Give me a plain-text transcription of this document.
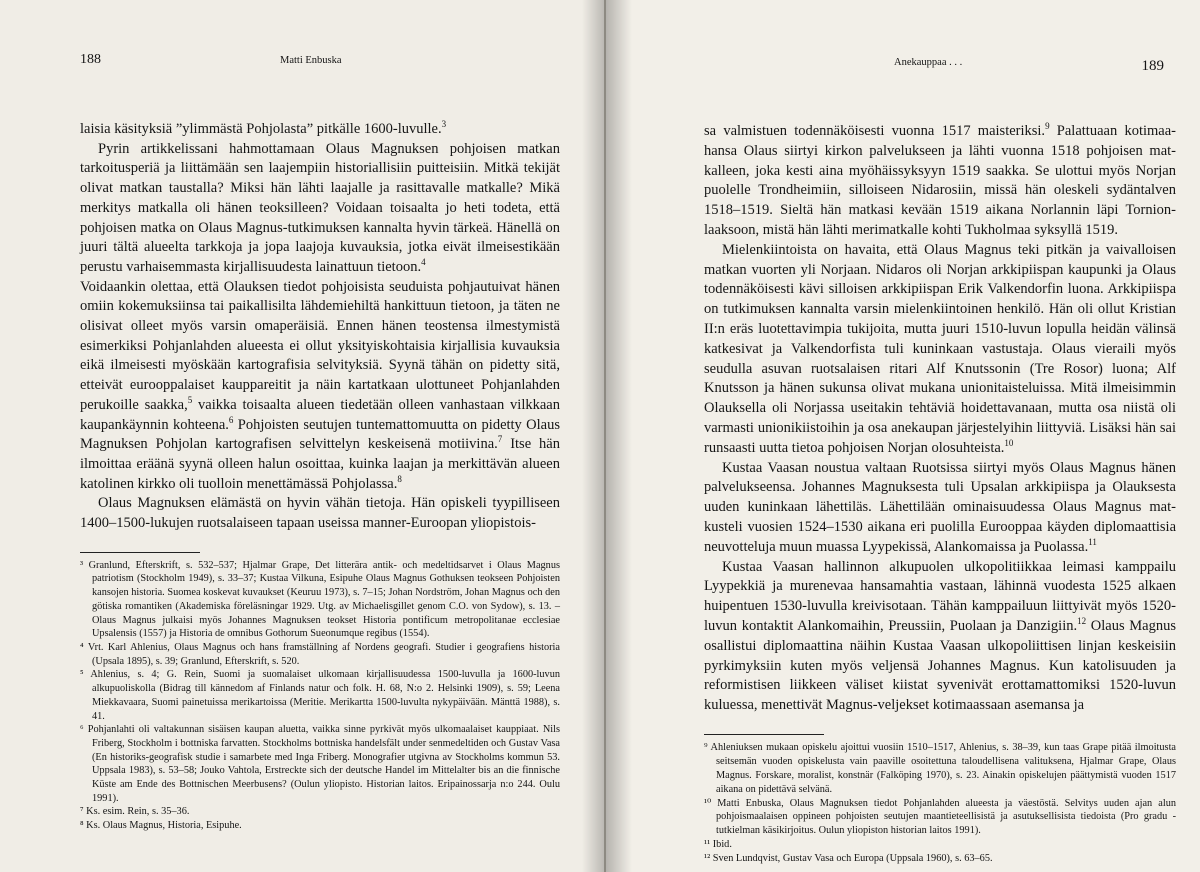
188	Matti Enbuska

laisia käsityksiä ”ylimmästä Pohjolasta” pitkälle 1600-luvulle.$^3$

Pyrin artikkelissani hahmottamaan Olaus Magnuksen pohjoisen matkan tarkoitusperiä ja liittämään sen laajempiin historiallisiin puitteisiin. Mitkä tekijät olivat matkan taustalla? Miksi hän lähti laajalle ja rasittavalle matkalle? Mikä merkitys matkalla oli hänen teoksilleen? Voidaan toisaalta jo heti todeta, että pohjoisen matka on Olaus Magnus-tutkimuksen kannalta hyvin tärkeä. Hänellä on juuri tältä alueelta tarkkoja ja jopa laajoja kuvauksia, jotka eivät ilmeisestikään perustu varhaisemmasta kirjallisuudesta lainattuun tietoon.$^4$

Voidaankin olettaa, että Olauksen tiedot pohjoisista seuduista pohjautuivat hänen omiin kokemuksiinsa tai paikallisilta lähdemiehiltä hankittuun tietoon, ja täten ne olisivat olleet myös varsin omaperäisiä. Ennen hänen teostensa ilmestymistä esimerkiksi Pohjanlahden alueesta ei ollut yksityiskohtaisia kirjallisia kuvauksia eikä ilmeisesti myöskään kartografisia selvityksiä. Syynä tähän on pidetty sitä, etteivät eurooppalaiset kauppareitit ja näin kartatkaan ulottuneet Pohjanlahden perukoille saakka,$^5$ vaikka toisaalta alueen tiedetään olleen vanhastaan vilkkaan kaupankäynnin kohteena.$^6$ Pohjoisten seutujen tuntemattomuutta on pidetty Olaus Magnuksen Pohjolan kartografisen selvittelyn keskeisenä motiivina.$^7$ Itse hän ilmoittaa eräänä syynä olleen halun osoittaa, kuinka laajan ja merkittävän alueen katolinen kirkko oli tuolloin menettämässä Pohjolassa.$^8$

Olaus Magnuksen elämästä on hyvin vähän tietoja. Hän opiskeli tyypilliseen 1400–1500-lukujen ruotsalaiseen tapaan useissa manner-Euroopan yliopistois-

³ Granlund, Efterskrift, s. 532–537; Hjalmar Grape, Det litterära antik- och medeltidsarvet i Olaus Magnus patriotism (Stockholm 1949), s. 33–37; Kustaa Vilkuna, Esipuhe Olaus Magnus Gothuksen teokseen Pohjoisten kansojen historia. Suomea koskevat kuvaukset (Keuruu 1973), s. 7–15; Johan Nordström, Johan Magnus och den götiska romantiken (Akademiska föreläsningar 1929. Utg. av Michaelisgillet genom C.O. von Sydow), s. 13. – Olaus Magnus julkaisi myös Johannes Magnuksen teokset Historia pontificum metropolitanae ecclesiae Upsalensis (1557) ja Historia de omnibus Gothorum Sueonumque regibus (1554).

⁴ Vrt. Karl Ahlenius, Olaus Magnus och hans framställning af Nordens geografi. Studier i geografiens historia (Upsala 1895), s. 39; Granlund, Efterskrift, s. 520.

⁵ Ahlenius, s. 4; G. Rein, Suomi ja suomalaiset ulkomaan kirjallisuudessa 1500-luvulla ja 1600-luvun alkupuoliskolla (Bidrag till kännedom af Finlands natur och folk. H. 68, N:o 2. Helsinki 1909), s. 59; Leena Miekkavaara, Suomi painetuissa merikartoissa (Meritie. Merikartta 1500-luvulta nykypäivään. Mänttä 1988), s. 41.

⁶ Pohjanlahti oli valtakunnan sisäisen kaupan aluetta, vaikka sinne pyrkivät myös ulkomaalaiset kauppiaat. Nils Friberg, Stockholm i bottniska farvatten. Stockholms bottniska handelsfält under senmedeltiden och Gustav Vasa (En historiks-geografisk studie i samarbete med Inga Friberg. Monografier utgivna av Stockholms kommun 53. Uppsala 1983), s. 53–58; Jouko Vahtola, Erstreckte sich der deutsche Handel im Mittelalter bis an die finnische Küste am Ende des Bottnischen Meerbusens? (Oulun yliopisto. Historian laitos. Eripainossarja n:o 244. Oulu 1991).

⁷ Ks. esim. Rein, s. 35–36.

⁸ Ks. Olaus Magnus, Historia, Esipuhe.

Anekauppaa . . .	189

sa valmistuen todennäköisesti vuonna 1517 maisteriksi.$^9$ Palattuaan kotimaahansa Olaus siirtyi kirkon palvelukseen ja lähti vuonna 1518 pohjoisen matkalleen, joka kesti aina myöhäissyksyyn 1519 saakka. Se ulottui myös Norjan puolelle Trondheimiin, silloiseen Nidarosiin, missä hän oleskeli sydäntalven 1518–1519. Sieltä hän matkasi kevään 1519 aikana Norlannin läpi Tornionlaaksoon, mistä hän lähti merimatkalle kohti Tukholmaa syksyllä 1519.

Mielenkiintoista on havaita, että Olaus Magnus teki pitkän ja vaivalloisen matkan vuorten yli Norjaan. Nidaros oli Norjan arkkipiispan kaupunki ja Olaus todennäköisesti kävi silloisen arkkipiispan Erik Valkendorfin luona. Arkkipiispa on tutkimuksen kannalta varsin mielenkiintoinen henkilö. Hän oli ollut Kristian II:n eräs luotettavimpia tukijoita, mutta juuri 1510-luvun lopulla heidän välinsä katkesivat ja Valkendorfista tuli kuninkaan vastustaja. Olaus vieraili myös seudulla asuvan ruotsalaisen ritari Alf Knutssonin (Tre Rosor) luona; Alf Knutsson ja hänen sukunsa olivat mukana unionitaisteluissa. Mitä ilmeisimmin Olauksella oli Norjassa useitakin tehtäviä hoidettavanaan, mutta osa niistä oli varmasti unionikiistoihin ja osa anekaupan järjestelyihin liittyviä. Lisäksi hän sai runsaasti uutta tietoa pohjoisen Norjan olosuhteista.$^{10}$

Kustaa Vaasan noustua valtaan Ruotsissa siirtyi myös Olaus Magnus hänen palvelukseensa. Johannes Magnuksesta tuli Upsalan arkkipiispa ja Olauksesta uuden kuninkaan lähettiläs. Lähettilään ominaisuudessa Olaus Magnus matkusteli vuosien 1524–1530 aikana eri puolilla Eurooppaa käyden diplomaattisia neuvotteluja muun muassa Lyypekissä, Alankomaissa ja Puolassa.$^{11}$

Kustaa Vaasan hallinnon alkupuolen ulkopolitiikkaa leimasi kamppailu Lyypekkiä ja murenevaa hansamahtia vastaan, lähinnä vuodesta 1525 alkaen huipentuen 1530-luvulla kreivisotaan. Tähän kamppailuun liittyivät myös 1520-luvun kontaktit Alankomaihin, Preussiin, Puolaan ja Danzigiin.$^{12}$ Olaus Magnus osallistui diplomaattina näihin Kustaa Vaasan ulkopoliittisen linjan keskeisiin pyrkimyksiin kuten myös veljensä Johannes Magnus. Kun katolisuuden ja reformistisen liikkeen väliset kiistat syvenivät erottamattomiksi 1520-luvun kuluessa, menettivät Magnus-veljekset kotimaassaan asemansa ja

⁹ Ahleniuksen mukaan opiskelu ajoittui vuosiin 1510–1517, Ahlenius, s. 38–39, kun taas Grape pitää ilmoitusta seitsemän vuoden opiskelusta vain paaville osoitettuna taloudellisena valituksena, Hjalmar Grape, Olaus Magnus. Forskare, moralist, konstnär (Falköping 1970), s. 23. Ainakin opiskelujen päättymistä vuoden 1517 aikana on pidettävä selvänä.

¹⁰ Matti Enbuska, Olaus Magnuksen tiedot Pohjanlahden alueesta ja väestöstä. Selvitys uuden ajan alun pohjoismaalaisen oppineen pohjoisten seutujen maantieteellisistä ja asutuksellisista tiedoista (Pro gradu -tutkielman käsikirjoitus. Oulun yliopiston historian laitos 1991).

¹¹ Ibid.

¹² Sven Lundqvist, Gustav Vasa och Europa (Uppsala 1960), s. 63–65.
